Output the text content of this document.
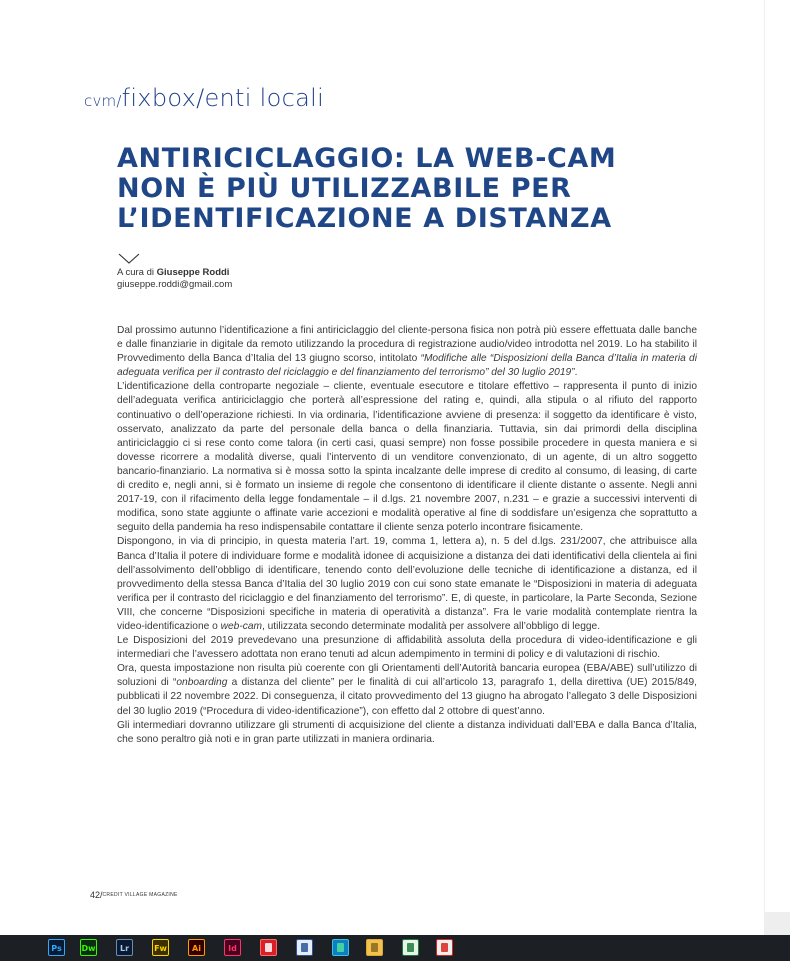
cvm/fixbox/enti locali
ANTIRICICLAGGIO: LA WEB-CAM
NON È PIÙ UTILIZZABILE PER
L’IDENTIFICAZIONE A DISTANZA
A cura di Giuseppe Roddi
giuseppe.roddi@gmail.com

Dal prossimo autunno l’identificazione a fini antiriciclaggio del cliente-persona fisica non potrà più essere effettuata dalle banche e dalle finanziarie in digitale da remoto utilizzando la procedura di registrazione audio/video introdotta nel 2019. Lo ha stabilito il Provvedimento della Banca d’Italia del 13 giugno scorso, intitolato “Modifiche alle “Disposizioni della Banca d’Italia in materia di adeguata verifica per il contrasto del riciclaggio e del finanziamento del terrorismo” del 30 luglio 2019”.

L’identificazione della controparte negoziale – cliente, eventuale esecutore e titolare effettivo – rappresenta il punto di inizio dell’adeguata verifica antiriciclaggio che porterà all’espressione del rating e, quindi, alla stipula o al rifiuto del rapporto continuativo o dell’operazione richiesti. In via ordinaria, l’identificazione avviene di presenza: il soggetto da identificare è visto, osservato, analizzato da parte del personale della banca o della finanziaria. Tuttavia, sin dai primordi della disciplina antiriciclaggio ci si rese conto come talora (in certi casi, quasi sempre) non fosse possibile procedere in questa maniera e si dovesse ricorrere a modalità diverse, quali l’intervento di un venditore convenzionato, di un agente, di un altro soggetto bancario-finanziario. La normativa si è mossa sotto la spinta incalzante delle imprese di credito al consumo, di leasing, di carte di credito e, negli anni, si è formato un insieme di regole che consentono di identificare il cliente distante o assente. Negli anni 2017-19, con il rifacimento della legge fondamentale – il d.lgs. 21 novembre 2007, n.231 – e grazie a successivi interventi di modifica, sono state aggiunte o affinate varie accezioni e modalità operative al fine di soddisfare un’esigenza che soprattutto a seguito della pandemia ha reso indispensabile contattare il cliente senza poterlo incontrare fisicamente.

Dispongono, in via di principio, in questa materia l’art. 19, comma 1, lettera a), n. 5 del d.lgs. 231/2007, che attribuisce alla Banca d’Italia il potere di individuare forme e modalità idonee di acquisizione a distanza dei dati identificativi della clientela ai fini dell’assolvimento dell’obbligo di identificare, tenendo conto dell’evoluzione delle tecniche di identificazione a distanza, ed il provvedimento della stessa Banca d’Italia del 30 luglio 2019 con cui sono state emanate le “Disposizioni in materia di adeguata verifica per il contrasto del riciclaggio e del finanziamento del terrorismo”. E, di queste, in particolare, la Parte Seconda, Sezione VIII, che concerne “Disposizioni specifiche in materia di operatività a distanza”. Fra le varie modalità contemplate rientra la video-identificazione o web-cam, utilizzata secondo determinate modalità per assolvere all’obbligo di legge.

Le Disposizioni del 2019 prevedevano una presunzione di affidabilità assoluta della procedura di video-identificazione e gli intermediari che l’avessero adottata non erano tenuti ad alcun adempimento in termini di policy e di valutazioni di rischio.

Ora, questa impostazione non risulta più coerente con gli Orientamenti dell’Autorità bancaria europea (EBA/ABE) sull’utilizzo di soluzioni di “onboarding a distanza del cliente” per le finalità di cui all’articolo 13, paragrafo 1, della direttiva (UE) 2015/849, pubblicati il 22 novembre 2022. Di conseguenza, il citato provvedimento del 13 giugno ha abrogato l’allegato 3 delle Disposizioni del 30 luglio 2019 (“Procedura di video-identificazione”), con effetto dal 2 ottobre di quest’anno.

Gli intermediari dovranno utilizzare gli strumenti di acquisizione del cliente a distanza individuati dall’EBA e dalla Banca d’Italia, che sono peraltro già noti e in gran parte utilizzati in maniera ordinaria.

42/$^{CREDIT VILLAGE MAGAZINE}$
Ps	Dw	Lr	Fw	Ai	Id
